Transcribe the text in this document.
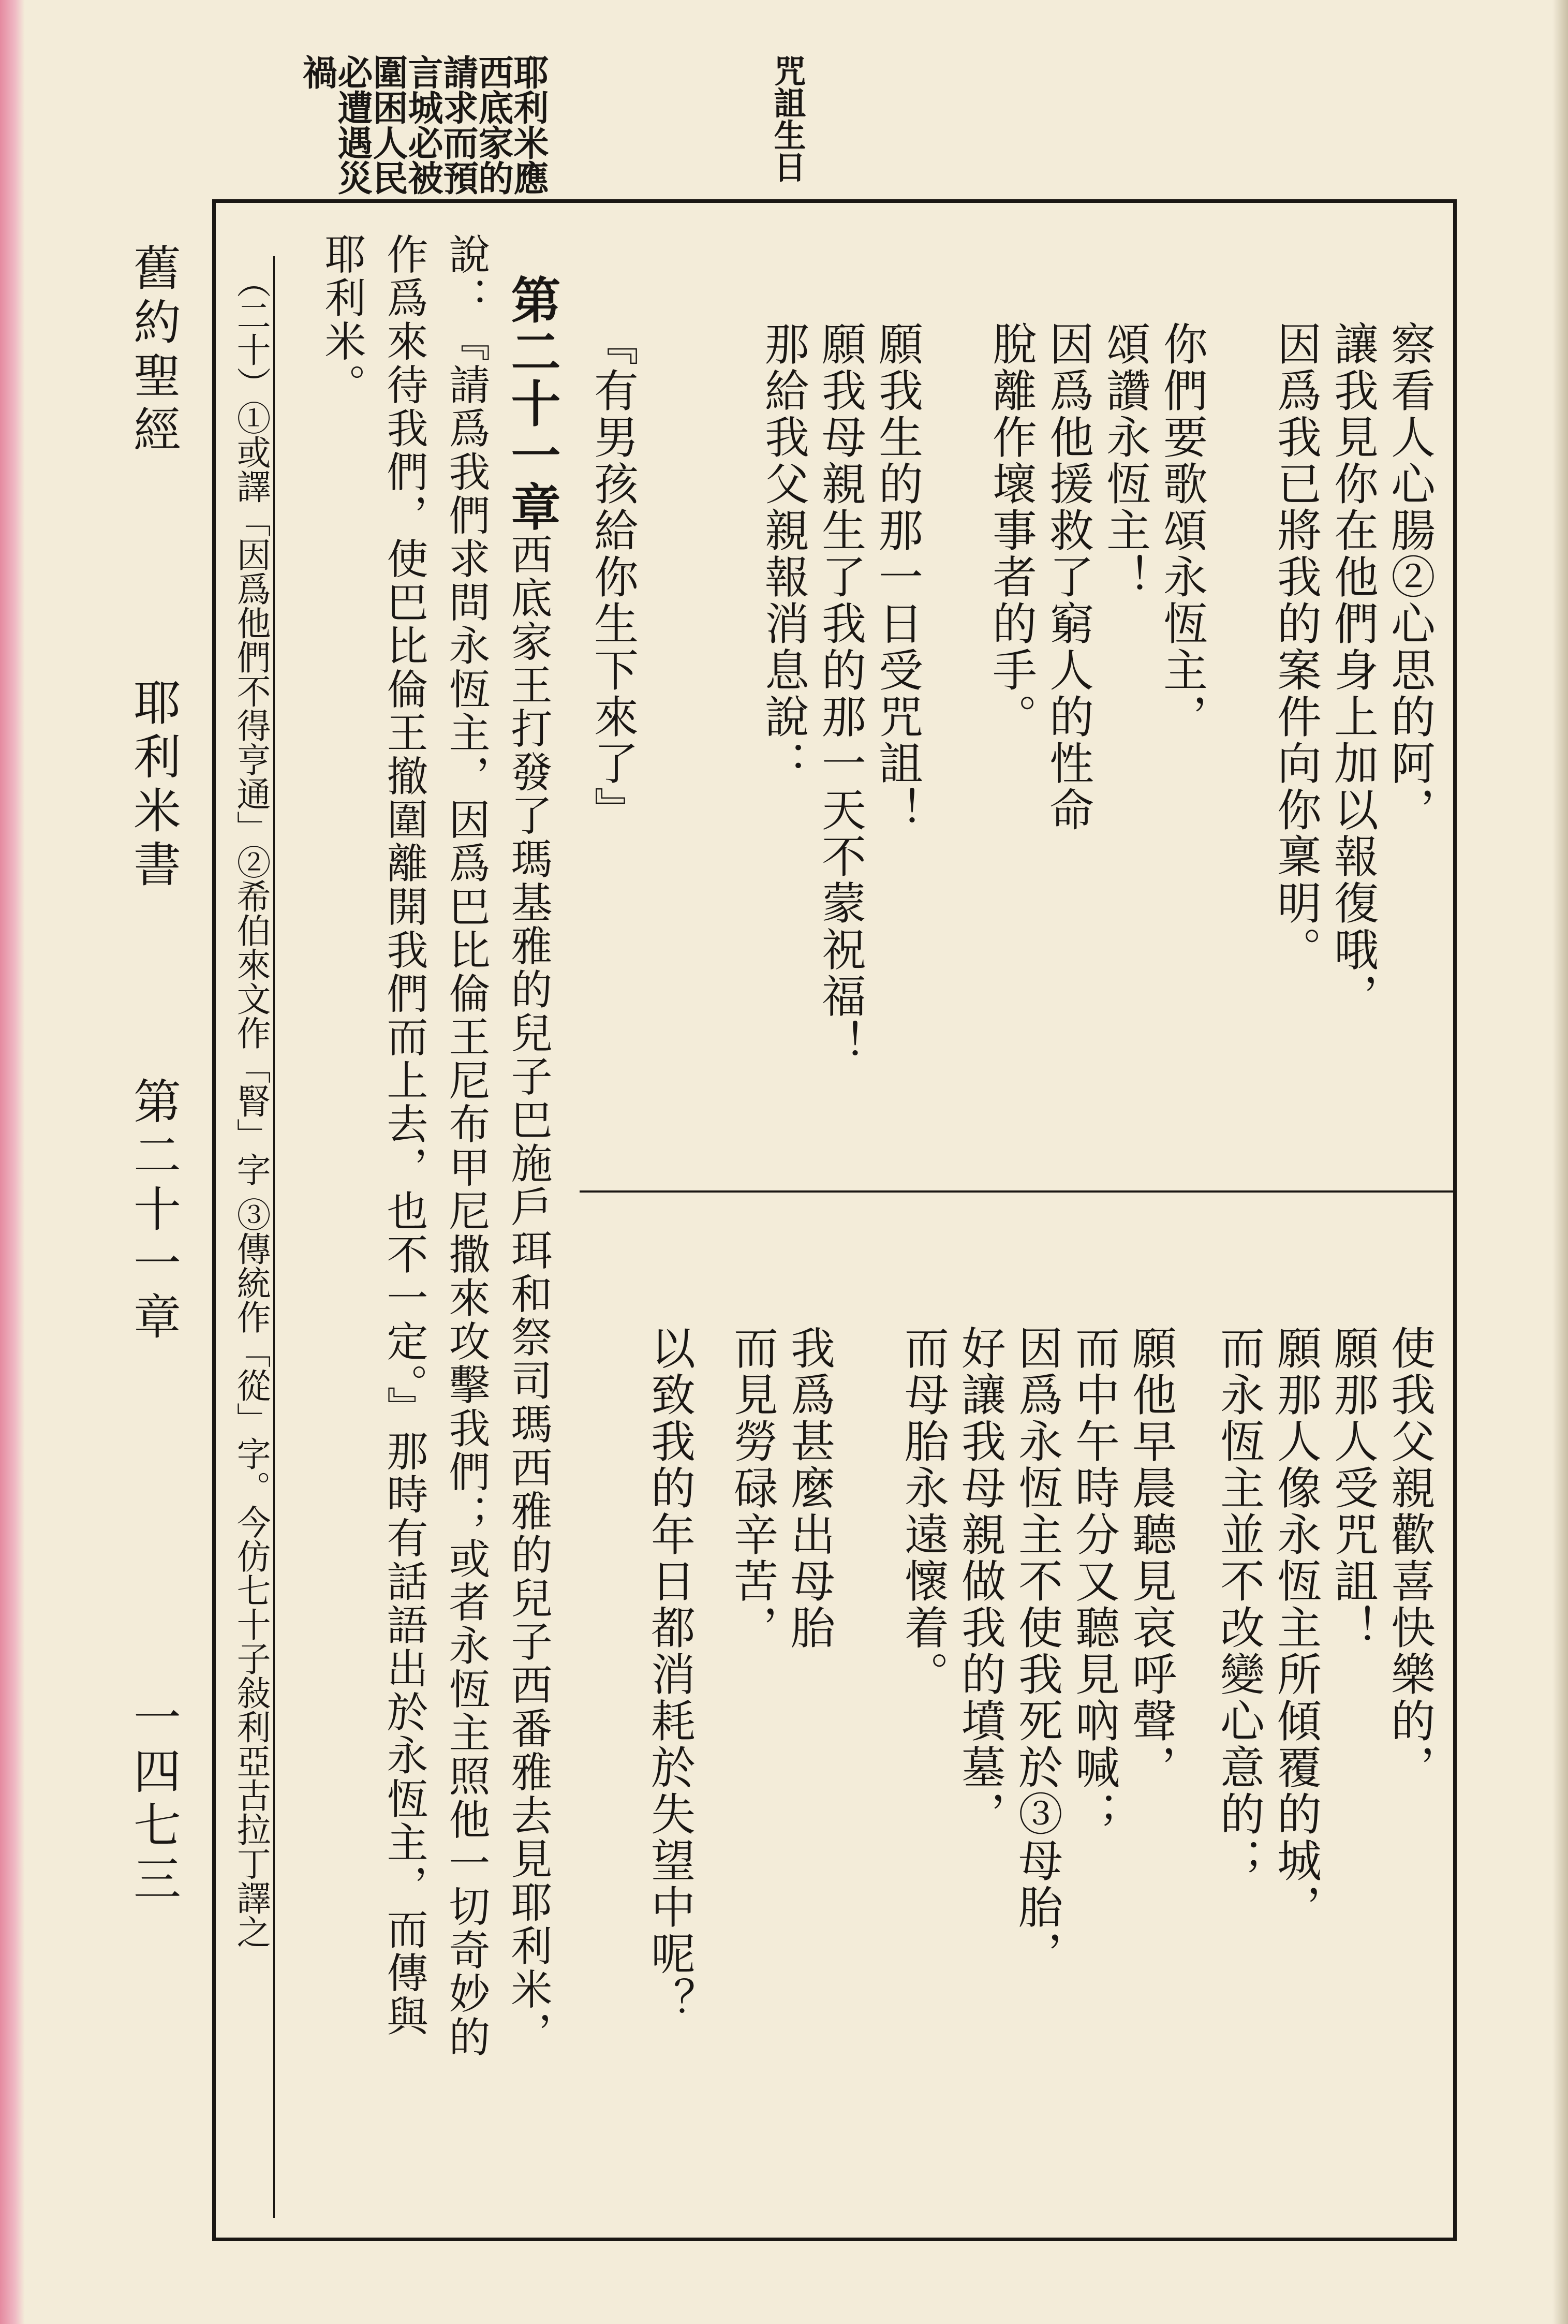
舊約聖經
耶利米書
第二十一章
一四七三
耶利米應
西底家的
請求而預
言城必被
圍困人民
必遭遇災
禍	咒詛生日
察看人心腸②心思的阿，
讓我見你在他們身上加以報復哦，
因爲我已將我的案件向你稟明。
你們要歌頌永恆主，
頌讚永恆主！
因爲他援救了窮人的性命
脫離作壞事者的手。
願我生的那一日受咒詛！
願我母親生了我的那一天不蒙祝福！
那給我父親報消息說：
『有男孩給你生下來了』
使我父親歡喜快樂的，
願那人受咒詛！
願那人像永恆主所傾覆的城，
而永恆主並不改變心意的；
願他早晨聽見哀呼聲，
而中午時分又聽見吶喊；
因爲永恆主不使我死於③母胎，
好讓我母親做我的墳墓，
而母胎永遠懷着。
我爲甚麼出母胎
而見勞碌辛苦，
以致我的年日都消耗於失望中呢？
第二十一章
西底家王打發了瑪基雅的兒子巴施戶珥和祭司瑪西雅的兒子西番雅去見耶利米，
說：『請爲我們求問永恆主，因爲巴比倫王尼布甲尼撒來攻擊我們；或者永恆主照他一切奇妙的
作爲來待我們，使巴比倫王撤圍離開我們而上去，也不一定。』那時有話語出於永恆主，而傳與
耶利米。
（二十）①或譯「因爲他們不得亨通」②希伯來文作「腎」字 ③傳統作「從」字。今仿七十子敍利亞古拉丁譯之
